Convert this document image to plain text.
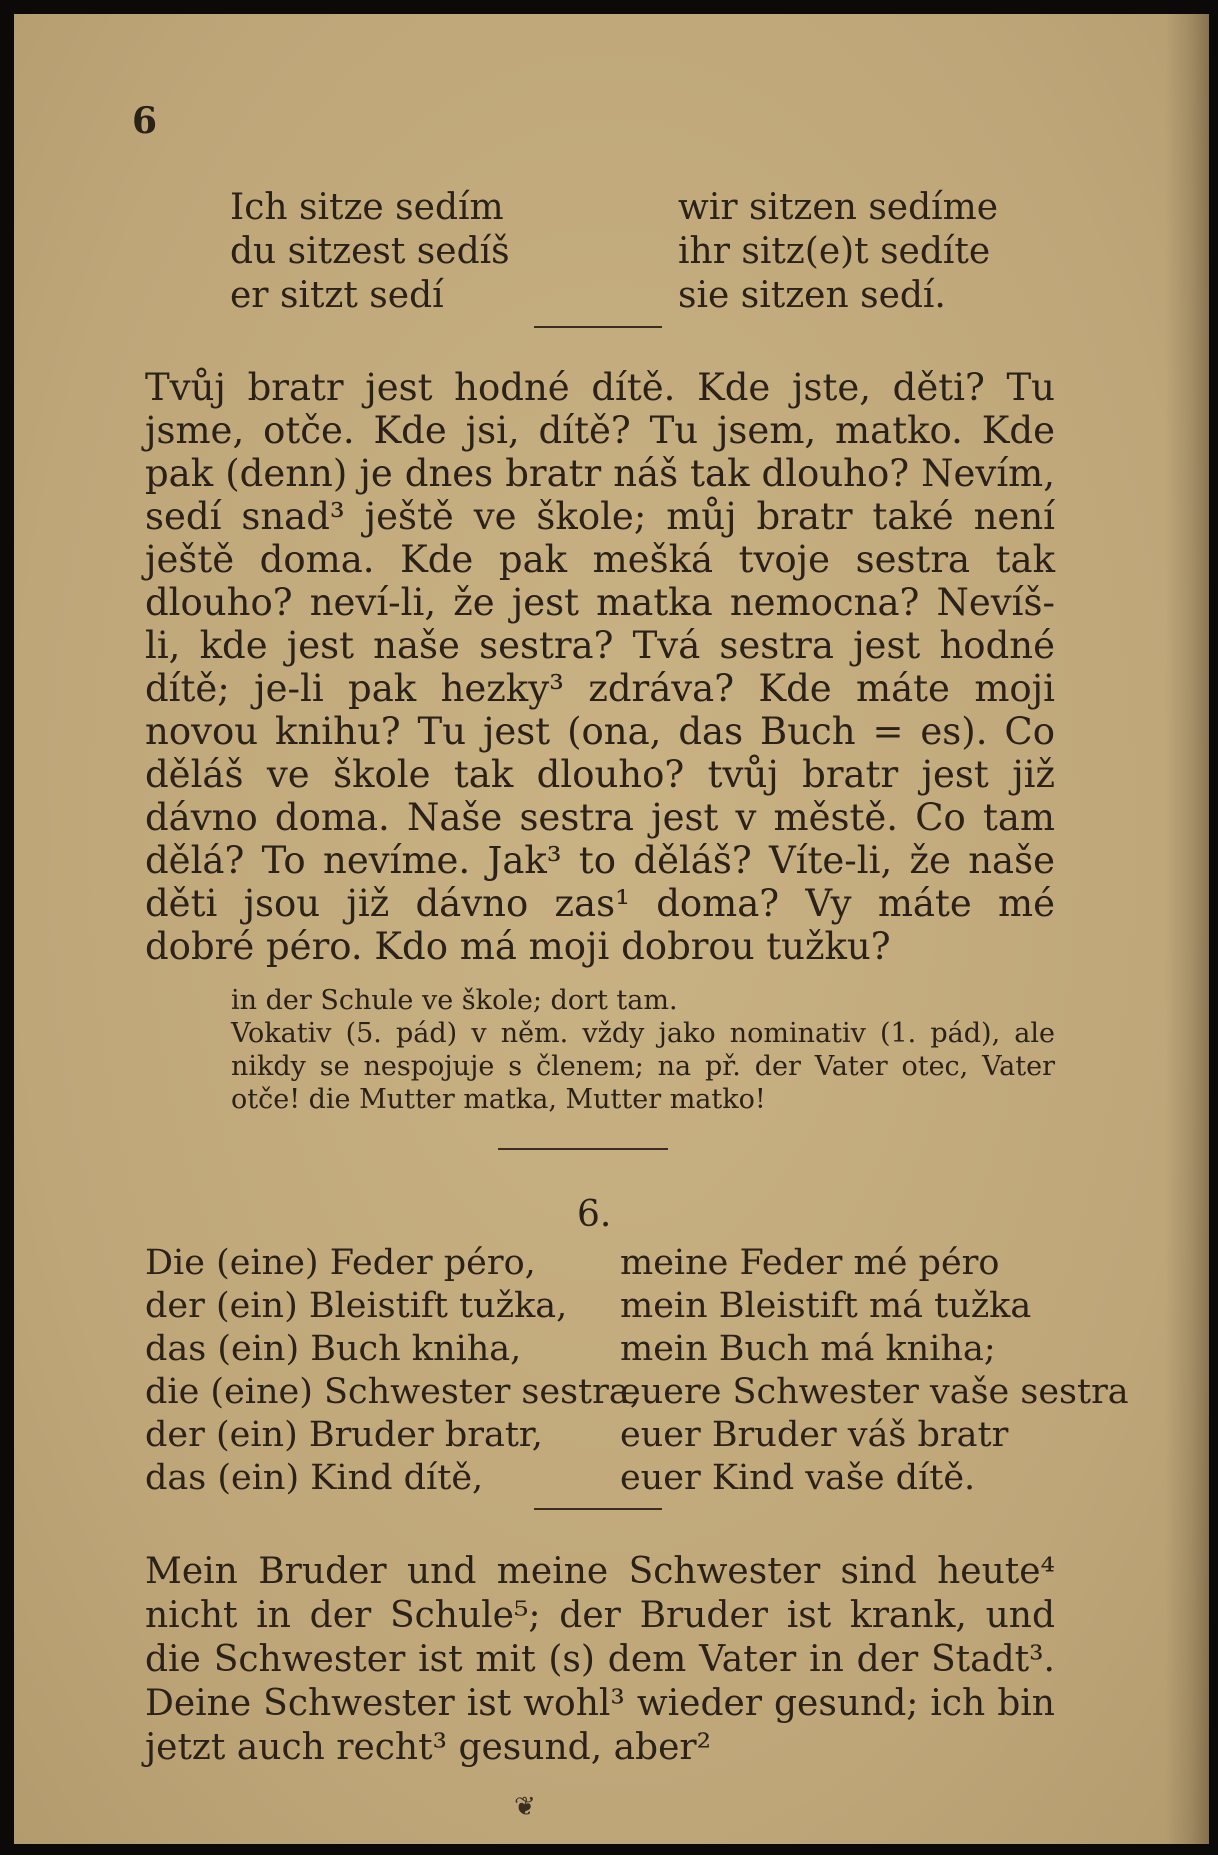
6
Ich sitze sedím
du sitzest sedíš
er sitzt sedí
wir sitzen sedíme
ihr sitz(e)t sedíte
sie sitzen sedí.
Tvůj bratr jest hodné dítě. Kde jste, děti? Tu jsme, otče. Kde jsi, dítě? Tu jsem, matko. Kde pak (denn) je dnes bratr náš tak dlouho? Nevím, sedí snad³ ještě ve škole; můj bratr také není ještě doma. Kde pak mešká tvoje sestra tak dlouho? neví-li, že jest matka nemocna? Nevíš-li, kde jest naše sestra? Tvá sestra jest hodné dítě; je-li pak hezky³ zdráva? Kde máte moji novou knihu? Tu jest (ona, das Buch = es). Co děláš ve škole tak dlouho? tvůj bratr jest již dávno doma. Naše sestra jest v městě. Co tam dělá? To nevíme. Jak³ to děláš? Víte-li, že naše děti jsou již dávno zas¹ doma? Vy máte mé dobré péro. Kdo má moji dobrou tužku?
in der Schule ve škole; dort tam.
Vokativ (5. pád) v něm. vždy jako nominativ (1. pád), ale nikdy se nespojuje s členem; na př. der Vater otec, Vater otče! die Mutter matka, Mutter matko!
6.
Die (eine) Feder péro, meine Feder mé péro
der (ein) Bleistift tužka, mein Bleistift má tužka
das (ein) Buch kniha,	mein Buch má kniha;
die (eine) Schwester sestra,
euere Schwester vaše sestra
der (ein) Bruder bratr, euer Bruder váš bratr
das (ein) Kind dítě,	euer Kind vaše dítě.
Mein Bruder und meine Schwester sind heute⁴ nicht in der Schule⁵; der Bruder ist krank, und die Schwester ist mit (s) dem Vater in der Stadt³. Deine Schwester ist wohl³ wieder gesund; ich bin jetzt auch recht³ gesund, aber²
❦
